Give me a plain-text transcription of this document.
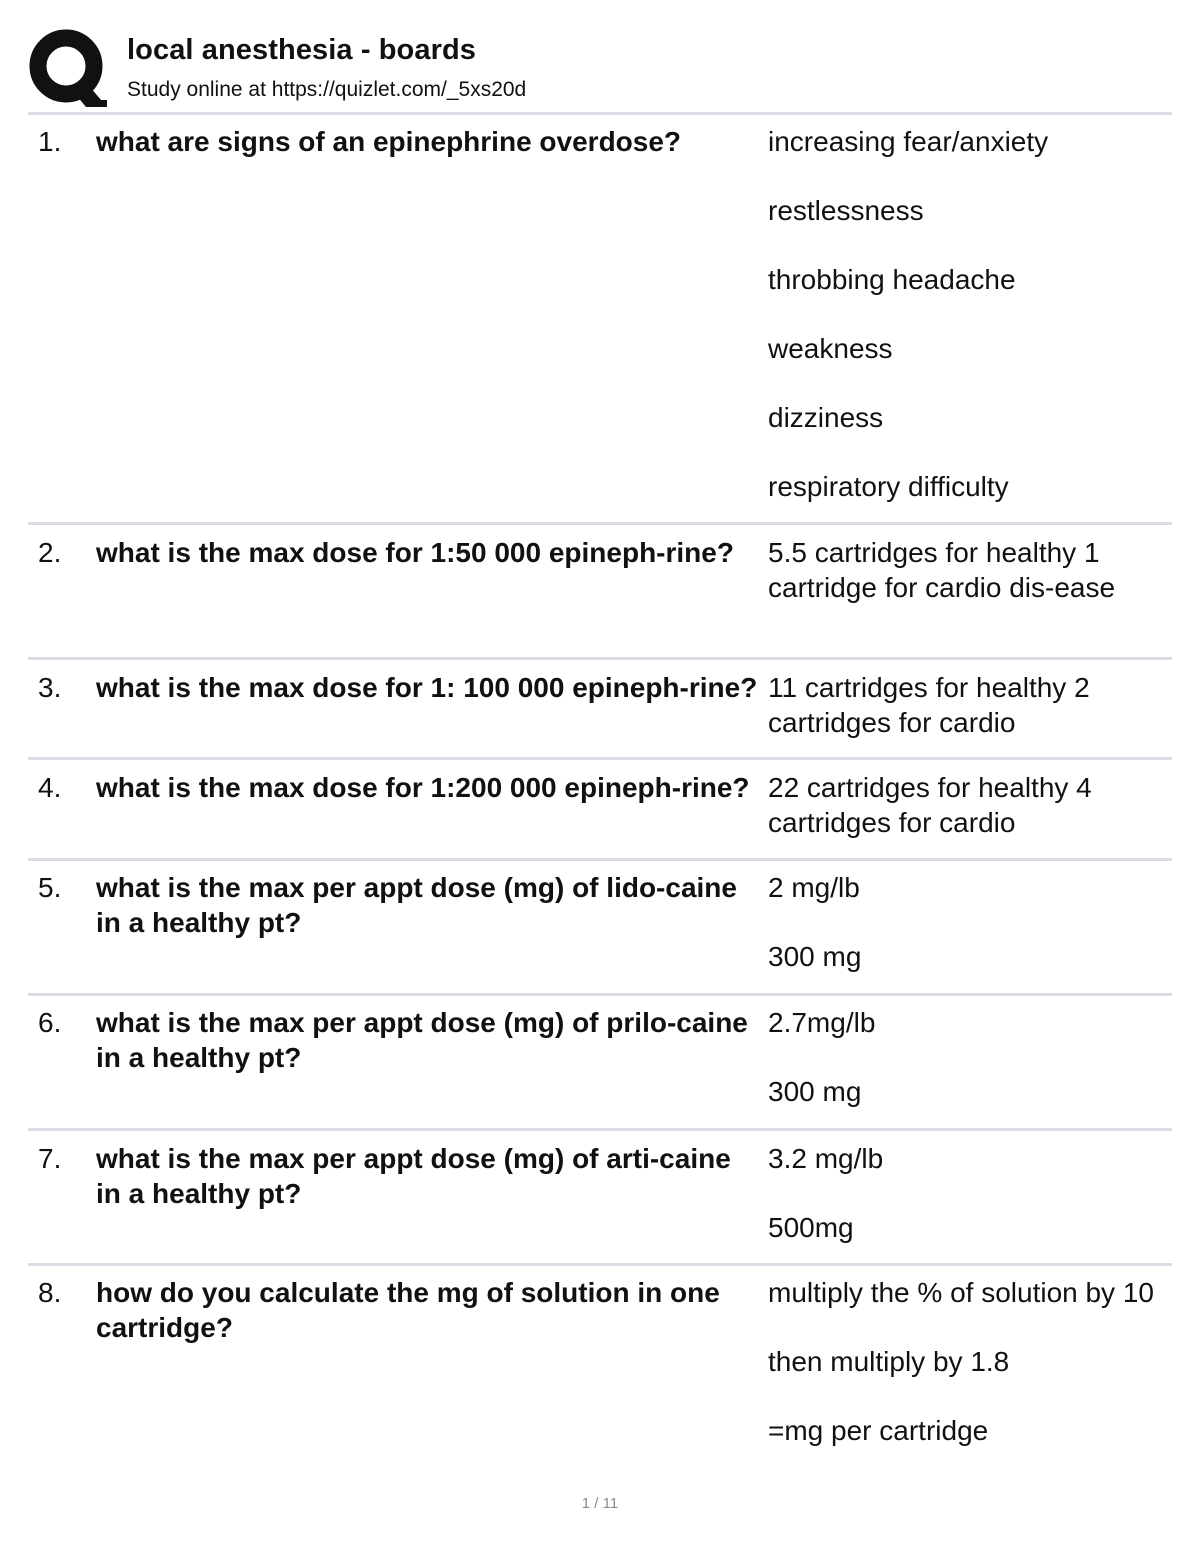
local anesthesia - boards
Study online at https://quizlet.com/_5xs20d
1. what are signs of an epinephrine overdose?	increasing fear/anxiety

restlessness

throbbing headache

weakness

dizziness

respiratory difficulty

2. what is the max dose for 1:50 000 epineph-rine?	5.5 cartridges for healthy 1 cartridge for cardio dis-ease

3. what is the max dose for 1: 100 000 epineph-rine? 11 cartridges for healthy 2 cartridges for cardio

4. what is the max dose for 1:200 000 epineph-rine? 22 cartridges for healthy 4 cartridges for cardio

5. what is the max per appt dose (mg) of lido-caine in a healthy pt?

2 mg/lb

300 mg

6. what is the max per appt dose (mg) of prilo-caine in a healthy pt?

2.7mg/lb

300 mg

7. what is the max per appt dose (mg) of arti-caine in a healthy pt?

3.2 mg/lb

500mg

8. how do you calculate the mg of solution in one cartridge?

multiply the % of solution by 10

then multiply by 1.8

=mg per cartridge

1 / 11
